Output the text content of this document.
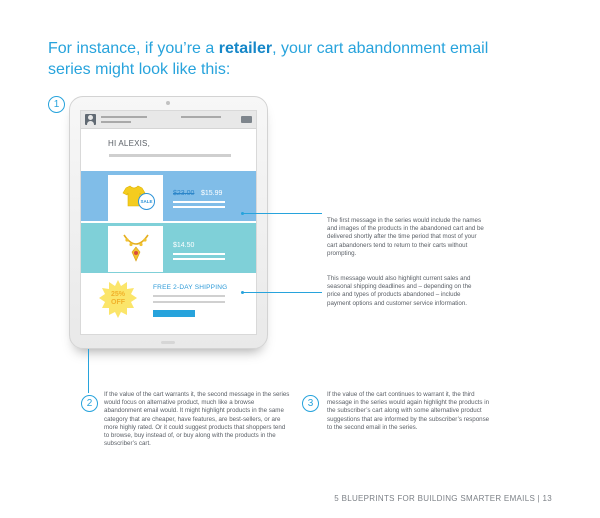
For instance, if you’re a retailer, your cart abandonment email series might look like this:
1
HI ALEXIS,
SALE
$23.00 $15.99
$14.50
25%
OFF
FREE 2-DAY SHIPPING
The first message in the series would include the names and images of the products in the abandoned cart and be delivered shortly after the time period that most of your cart abandoners tend to return to their carts without prompting.
This message would also highlight current sales and seasonal shipping deadlines and – depending on the price and types of products abandoned – include payment options and customer service information.
2
If the value of the cart warrants it, the second message in the series would focus on alternative product, much like a browse abandonment email would. It might highlight products in the same category that are cheaper, have features, are best-sellers, or are more highly rated. Or it could suggest products that shoppers tend to browse, buy instead of, or buy along with the products in the subscriber’s cart.
3
If the value of the cart continues to warrant it, the third message in the series would again highlight the products in the subscriber’s cart along with some alternative product suggestions that are informed by the subscriber’s response to the second email in the series.
5 BLUEPRINTS FOR BUILDING SMARTER EMAILS | 13
